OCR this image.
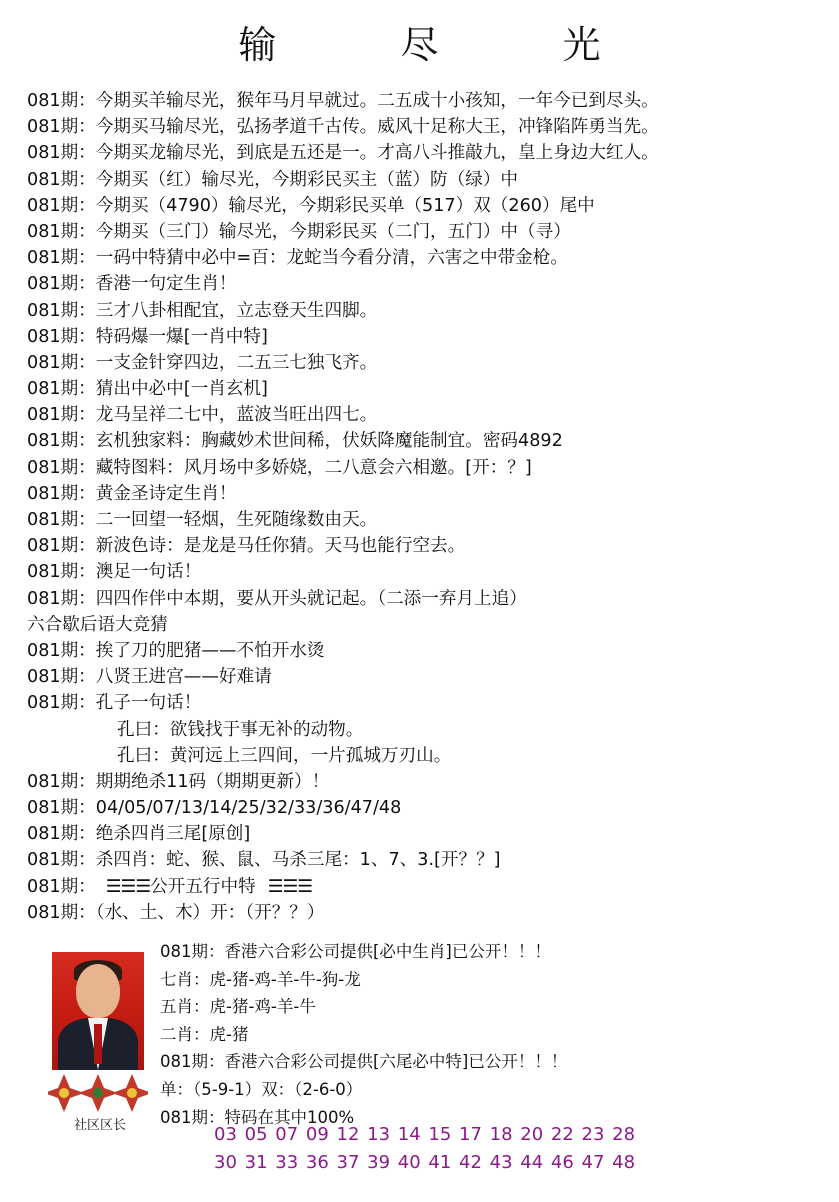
输 尽 光
081期：今期买羊输尽光，猴年马月早就过。二五成十小孩知，一年今已到尽头。
081期：今期买马输尽光，弘扬孝道千古传。威风十足称大王，冲锋陷阵勇当先。
081期：今期买龙输尽光，到底是五还是一。才高八斗推敲九，皇上身边大红人。
081期：今期买（红）输尽光，今期彩民买主（蓝）防（绿）中
081期：今期买（4790）输尽光，今期彩民买单（517）双（260）尾中
081期：今期买（三门）输尽光，今期彩民买（二门，五门）中（寻）
081期：一码中特猜中必中=百：龙蛇当今看分清，六害之中带金枪。
081期：香港一句定生肖！
081期：三才八卦相配宜，立志登天生四脚。
081期：特码爆一爆[一肖中特]
081期：一支金针穿四边，二五三七独飞齐。
081期：猜出中必中[一肖玄机]
081期：龙马呈祥二七中，蓝波当旺出四七。
081期：玄机独家料：胸藏妙术世间稀，伏妖降魔能制宜。密码4892
081期：藏特图料：风月场中多娇娆，二八意会六相邀。[开：？]
081期：黄金圣诗定生肖！
081期：二一回望一轻烟，生死随缘数由天。
081期：新波色诗：是龙是马任你猜。天马也能行空去。
081期：澳足一句话！
081期：四四作伴中本期，要从开头就记起。（二添一弃月上追）
六合歇后语大竞猜
081期：挨了刀的肥猪——不怕开水烫
081期：八贤王进宫——好难请
081期：孔子一句话！
孔曰：欲钱找于事无补的动物。
孔曰：黄河远上三四间，一片孤城万刃山。
081期：期期绝杀11码（期期更新）！
081期：04/05/07/13/14/25/32/33/36/47/48
081期：绝杀四肖三尾[原创]
081期：杀四肖：蛇、猴、鼠、马杀三尾：1、7、3.[开？？]
081期： ☰☰☰公开五行中特 ☰☰☰
081期：（水、土、木）开：（开？？）
社区区长
081期：香港六合彩公司提供[必中生肖]已公开！！！
七肖：虎-猪-鸡-羊-牛-狗-龙
五肖：虎-猪-鸡-羊-牛
二肖：虎-猪
081期：香港六合彩公司提供[六尾必中特]已公开！！！
单：（5-9-1）双：（2-6-0）
081期：特码在其中100%
03 05 07 09 12 13 14 15 17 18 20 22 23 28
30 31 33 36 37 39 40 41 42 43 44 46 47 48
